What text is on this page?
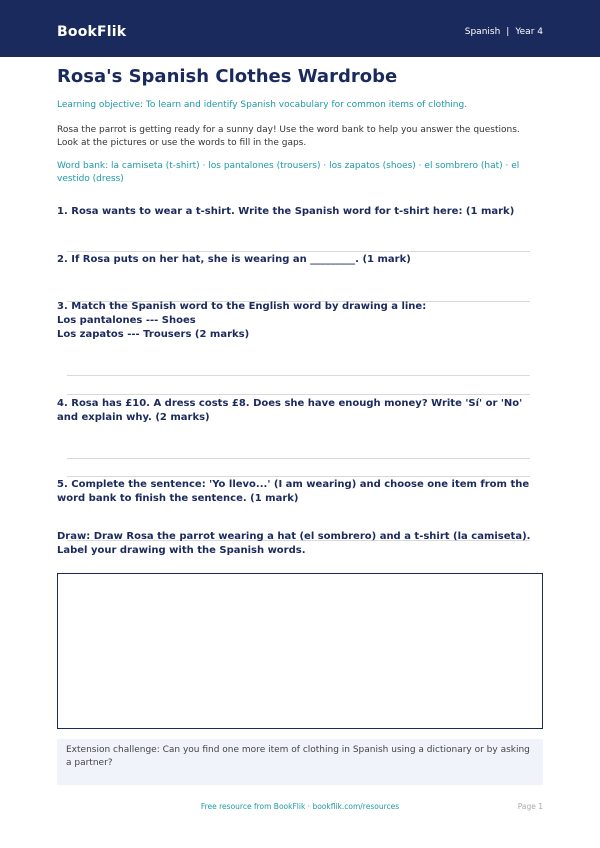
BookFlik	Spanish | Year 4
Rosa's Spanish Clothes Wardrobe
Learning objective: To learn and identify Spanish vocabulary for common items of clothing.
Rosa the parrot is getting ready for a sunny day! Use the word bank to help you answer the questions. Look at the pictures or use the words to fill in the gaps.
Word bank: la camiseta (t-shirt) · los pantalones (trousers) · los zapatos (shoes) · el sombrero (hat) · el vestido (dress)
1. Rosa wants to wear a t-shirt. Write the Spanish word for t-shirt here: (1 mark)
2. If Rosa puts on her hat, she is wearing an _________. (1 mark)
3. Match the Spanish word to the English word by drawing a line:
Los pantalones --- Shoes
Los zapatos --- Trousers (2 marks)
4. Rosa has £10. A dress costs £8. Does she have enough money? Write 'Sí' or 'No' and explain why. (2 marks)
5. Complete the sentence: 'Yo llevo...' (I am wearing) and choose one item from the word bank to finish the sentence. (1 mark)
Draw: Draw Rosa the parrot wearing a hat (el sombrero) and a t-shirt (la camiseta). Label your drawing with the Spanish words.
Extension challenge: Can you find one more item of clothing in Spanish using a dictionary or by asking a partner?
Free resource from BookFlik · bookflik.com/resources	Page 1
